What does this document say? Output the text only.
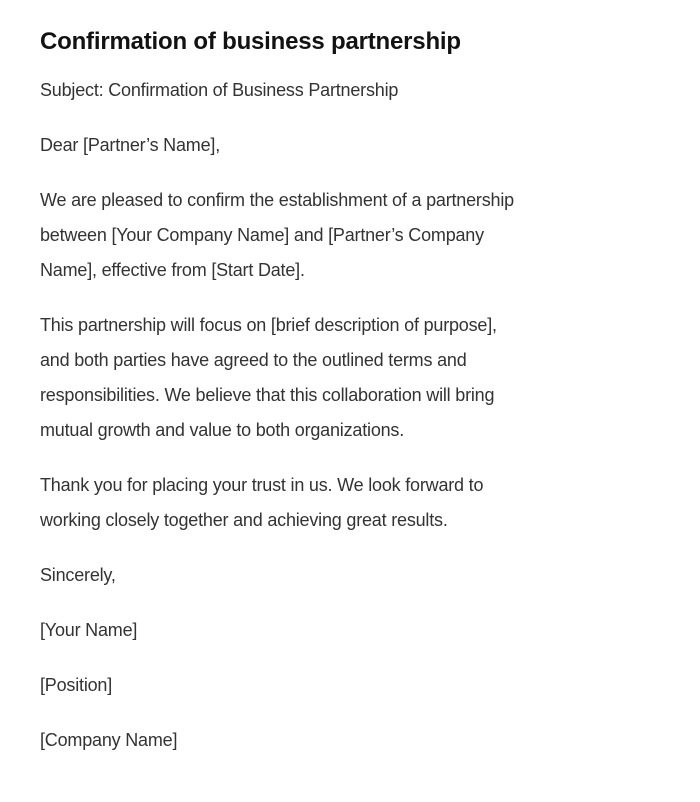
Confirmation of business partnership

Subject: Confirmation of Business Partnership

Dear [Partner’s Name],

We are pleased to confirm the establishment of a partnership
between [Your Company Name] and [Partner’s Company
Name], effective from [Start Date].

This partnership will focus on [brief description of purpose],
and both parties have agreed to the outlined terms and
responsibilities. We believe that this collaboration will bring
mutual growth and value to both organizations.

Thank you for placing your trust in us. We look forward to
working closely together and achieving great results.

Sincerely,

[Your Name]

[Position]

[Company Name]
